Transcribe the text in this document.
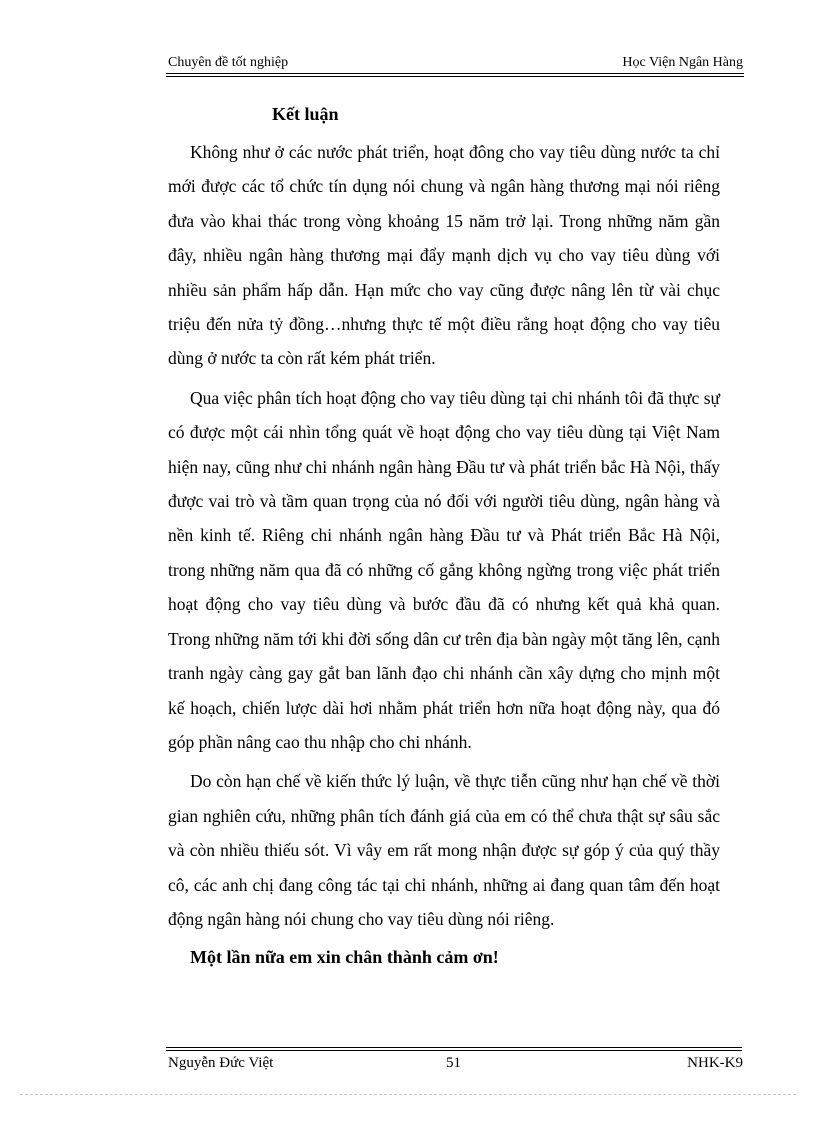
Chuyên đề tốt nghiệp	Học Viện Ngân Hàng
Kết luận

Không như ở các nước phát triển, hoạt đông cho vay tiêu dùng nước ta chỉ mới được các tổ chức tín dụng nói chung và ngân hàng thương mại nói riêng đưa vào khai thác trong vòng khoảng 15 năm trở lại. Trong những năm gần đây, nhiều ngân hàng thương mại đẩy mạnh dịch vụ cho vay tiêu dùng với nhiều sản phẩm hấp dẫn. Hạn mức cho vay cũng được nâng lên từ vài chục triệu đến nửa tỷ đồng…nhưng thực tế một điều rằng hoạt động cho vay tiêu dùng ở nước ta còn rất kém phát triển.

Qua việc phân tích hoạt động cho vay tiêu dùng tại chi nhánh tôi đã thực sự có được một cái nhìn tổng quát về hoạt động cho vay tiêu dùng tại Việt Nam hiện nay, cũng như chi nhánh ngân hàng Đầu tư và phát triển bắc Hà Nội, thấy được vai trò và tầm quan trọng của nó đối với người tiêu dùng, ngân hàng và nền kinh tế. Riêng chi nhánh ngân hàng Đầu tư và Phát triển Bắc Hà Nội, trong những năm qua đã có những cố gắng không ngừng trong việc phát triển hoạt động cho vay tiêu dùng và bước đầu đã có nhưng kết quả khả quan. Trong những năm tới khi đời sống dân cư trên địa bàn ngày một tăng lên, cạnh tranh ngày càng gay gắt ban lãnh đạo chi nhánh cần xây dựng cho mịnh một kế hoạch, chiến lược dài hơi nhằm phát triển hơn nữa hoạt động này, qua đó góp phần nâng cao thu nhập cho chi nhánh.

Do còn hạn chế về kiến thức lý luận, về thực tiễn cũng như hạn chế về thời gian nghiên cứu, những phân tích đánh giá của em có thể chưa thật sự sâu sắc và còn nhiều thiếu sót. Vì vây em rất mong nhận được sự góp ý của quý thầy cô, các anh chị đang công tác tại chi nhánh, những ai đang quan tâm đến hoạt động ngân hàng nói chung cho vay tiêu dùng nói riêng.

Một lần nữa em xin chân thành cảm ơn!
Nguyễn Đức Việt	51	NHK-K9
